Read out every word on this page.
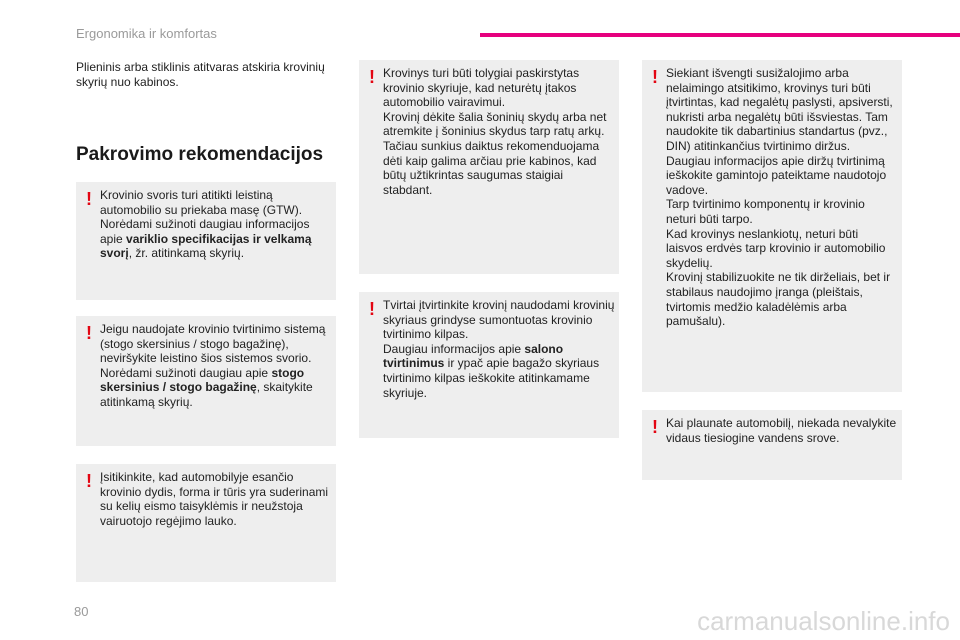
Ergonomika ir komfortas
Plieninis arba stiklinis atitvaras atskiria krovinių skyrių nuo kabinos.
Pakrovimo rekomendacijos
! Krovinio svoris turi atitikti leistiną automobilio su priekaba masę (GTW). Norėdami sužinoti daugiau informacijos apie variklio specifikacijas ir velkamą svorį, žr. atitinkamą skyrių.

! Jeigu naudojate krovinio tvirtinimo sistemą (stogo skersinius / stogo bagažinę), neviršykite leistino šios sistemos svorio. Norėdami sužinoti daugiau apie stogo skersinius / stogo bagažinę, skaitykite atitinkamą skyrių.

! Įsitikinkite, kad automobilyje esančio krovinio dydis, forma ir tūris yra suderinami su kelių eismo taisyklėmis ir neužstoja vairuotojo regėjimo lauko.

! Krovinys turi būti tolygiai paskirstytas krovinio skyriuje, kad neturėtų įtakos automobilio vairavimui.

Krovinį dėkite šalia šoninių skydų arba net atremkite į šoninius skydus tarp ratų arkų.

Tačiau sunkius daiktus rekomenduojama dėti kaip galima arčiau prie kabinos, kad būtų užtikrintas saugumas staigiai stabdant.

! Tvirtai įtvirtinkite krovinį naudodami krovinių skyriaus grindyse sumontuotas krovinio tvirtinimo kilpas.

Daugiau informacijos apie salono tvirtinimus ir ypač apie bagažo skyriaus tvirtinimo kilpas ieškokite atitinkamame skyriuje.

! Siekiant išvengti susižalojimo arba nelaimingo atsitikimo, krovinys turi būti įtvirtintas, kad negalėtų paslysti, apsiversti, nukristi arba negalėtų būti išsviestas. Tam naudokite tik dabartinius standartus (pvz., DIN) atitinkančius tvirtinimo diržus.

Daugiau informacijos apie diržų tvirtinimą ieškokite gamintojo pateiktame naudotojo vadove.

Tarp tvirtinimo komponentų ir krovinio neturi būti tarpo.

Kad krovinys neslankiotų, neturi būti laisvos erdvės tarp krovinio ir automobilio skydelių.

Krovinį stabilizuokite ne tik dirželiais, bet ir stabilaus naudojimo įranga (pleištais, tvirtomis medžio kaladėlėmis arba pamušalu).

! Kai plaunate automobilį, niekada nevalykite vidaus tiesiogine vandens srove.

80	carmanualsonline.info
